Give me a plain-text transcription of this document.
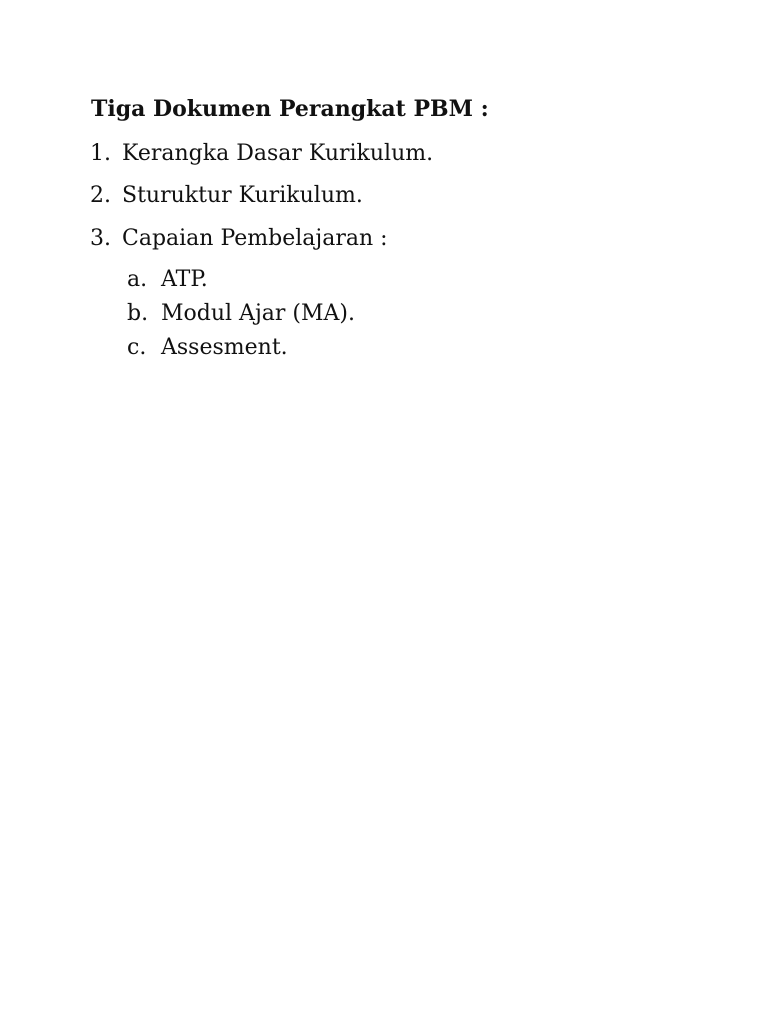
Tiga Dokumen Perangkat PBM :
1. Kerangka Dasar Kurikulum.
2. Sturuktur Kurikulum.
3. Capaian Pembelajaran :
a. ATP.
b. Modul Ajar (MA).
c. Assesment.
